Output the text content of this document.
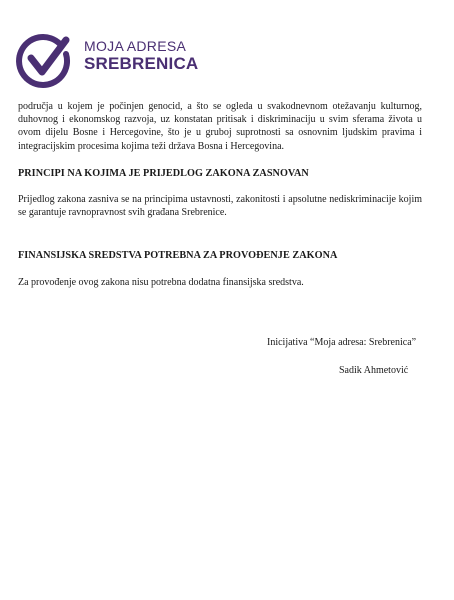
MOJA ADRESA
SREBRENICA

područja u kojem je počinjen genocid, a što se ogleda u svakodnevnom otežavanju kulturnog, duhovnog i ekonomskog razvoja, uz konstatan pritisak i diskriminaciju u svim sferama života u ovom dijelu Bosne i Hercegovine, što je u gruboj suprotnosti sa osnovnim ljudskim pravima i integracijskim procesima kojima teži država Bosna i Hercegovina.

PRINCIPI NA KOJIMA JE PRIJEDLOG ZAKONA ZASNOVAN

Prijedlog zakona zasniva se na principima ustavnosti, zakonitosti i apsolutne nediskriminacije kojim se garantuje ravnopravnost svih građana Srebrenice.

FINANSIJSKA SREDSTVA POTREBNA ZA PROVOĐENJE ZAKONA

Za provođenje ovog zakona nisu potrebna dodatna finansijska sredstva.

Inicijativa “Moja adresa: Srebrenica”
Sadik Ahmetović
